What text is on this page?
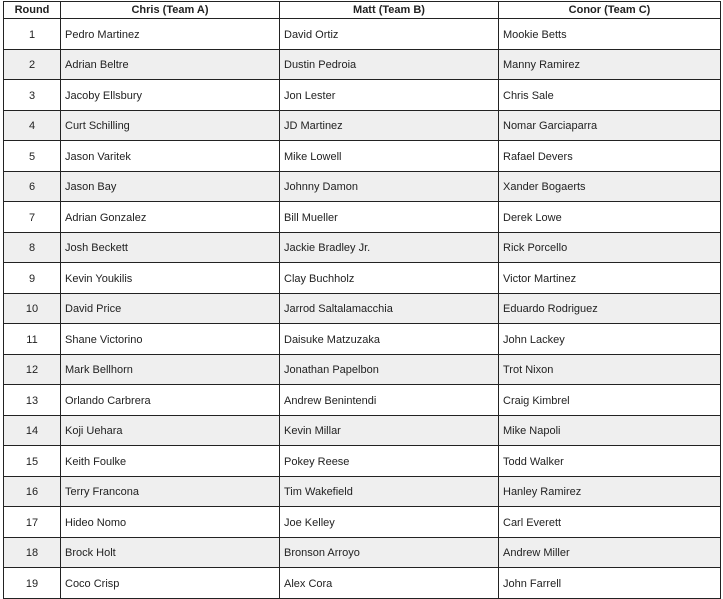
Round	Chris (Team A)	Matt (Team B)	Conor (Team C)
1	Pedro Martinez	David Ortiz	Mookie Betts
2	Adrian Beltre	Dustin Pedroia	Manny Ramirez
3	Jacoby Ellsbury	Jon Lester	Chris Sale
4	Curt Schilling	JD Martinez	Nomar Garciaparra
5	Jason Varitek	Mike Lowell	Rafael Devers
6	Jason Bay	Johnny Damon	Xander Bogaerts
7	Adrian Gonzalez	Bill Mueller	Derek Lowe
8	Josh Beckett	Jackie Bradley Jr.	Rick Porcello
9	Kevin Youkilis	Clay Buchholz	Victor Martinez
10	David Price	Jarrod Saltalamacchia	Eduardo Rodriguez
11	Shane Victorino	Daisuke Matzuzaka	John Lackey
12	Mark Bellhorn	Jonathan Papelbon	Trot Nixon
13	Orlando Carbrera	Andrew Benintendi	Craig Kimbrel
14	Koji Uehara	Kevin Millar	Mike Napoli
15	Keith Foulke	Pokey Reese	Todd Walker
16	Terry Francona	Tim Wakefield	Hanley Ramirez
17	Hideo Nomo	Joe Kelley	Carl Everett
18	Brock Holt	Bronson Arroyo	Andrew Miller
19	Coco Crisp	Alex Cora	John Farrell
